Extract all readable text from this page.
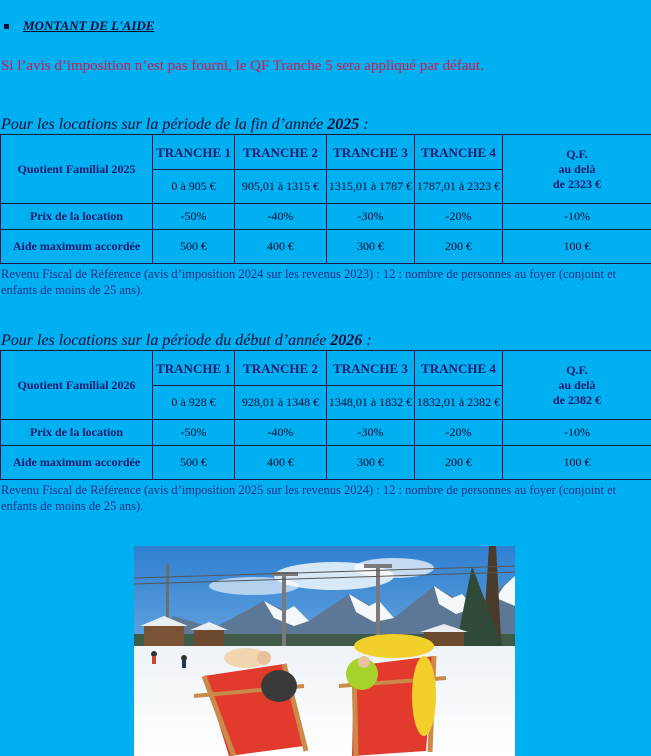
MONTANT DE L'AIDE
Si l’avis d’imposition n’est pas fourni, le QF Tranche 5 sera appliqué par défaut.
Pour les locations sur la période de la fin d’année 2025 :
Quotient Familial 2025	TRANCHE 1	TRANCHE 2	TRANCHE 3	TRANCHE 4	Q.F.
au delà
de 2323 €
	0 à 905 €	905,01 à 1315 €	1315,01 à 1787 €	1787,01 à 2323 €	
Prix de la location	-50%	-40%	-30%	-20%	-10%
Aide maximum accordée	500 €	400 €	300 €	200 €	100 €
Revenu Fiscal de Référence (avis d’imposition 2024 sur les revenus 2023) : 12 : nombre de personnes au foyer (conjoint et enfants de moins de 25 ans).
Pour les locations sur la période du début d’année 2026 :
Quotient Familial 2026	TRANCHE 1	TRANCHE 2	TRANCHE 3	TRANCHE 4	Q.F.
au delà
de 2382 €
	0 à 928 €	928,01 à 1348 €	1348,01 à 1832 €	1832,01 à 2382 €	
Prix de la location	-50%	-40%	-30%	-20%	-10%
Aide maximum accordée	500 €	400 €	300 €	200 €	100 €
Revenu Fiscal de Référence (avis d’imposition 2025 sur les revenus 2024) : 12 : nombre de personnes au foyer (conjoint et enfants de moins de 25 ans).
